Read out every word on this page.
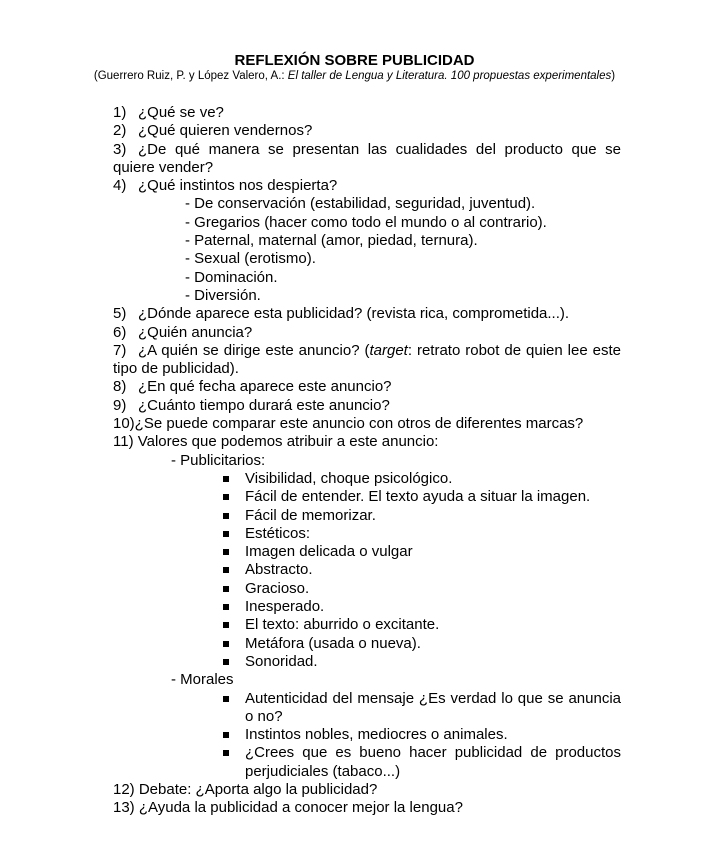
REFLEXIÓN SOBRE PUBLICIDAD
(Guerrero Ruiz, P. y López Valero, A.: El taller de Lengua y Literatura. 100 propuestas experimentales)
1) ¿Qué se ve?
2) ¿Qué quieren vendernos?
3) ¿De qué manera se presentan las cualidades del producto que se quiere vender?
4) ¿Qué instintos nos despierta?
- De conservación (estabilidad, seguridad, juventud).
- Gregarios (hacer como todo el mundo o al contrario).
- Paternal, maternal (amor, piedad, ternura).
- Sexual (erotismo).
- Dominación.
- Diversión.
5) ¿Dónde aparece esta publicidad? (revista rica, comprometida...).
6) ¿Quién anuncia?
7) ¿A quién se dirige este anuncio? (target: retrato robot de quien lee este tipo de publicidad).
8) ¿En qué fecha aparece este anuncio?
9) ¿Cuánto tiempo durará este anuncio?
10)¿Se puede comparar este anuncio con otros de diferentes marcas?
11) Valores que podemos atribuir a este anuncio:
- Publicitarios:
Visibilidad, choque psicológico.
Fácil de entender. El texto ayuda a situar la imagen.
Fácil de memorizar.
Estéticos:
Imagen delicada o vulgar
Abstracto.
Gracioso.
Inesperado.
El texto: aburrido o excitante.
Metáfora (usada o nueva).
Sonoridad.
- Morales
Autenticidad del mensaje ¿Es verdad lo que se anuncia o no?
Instintos nobles, mediocres o animales.
¿Crees que es bueno hacer publicidad de productos perjudiciales (tabaco...)
12) Debate: ¿Aporta algo la publicidad?
13) ¿Ayuda la publicidad a conocer mejor la lengua?
